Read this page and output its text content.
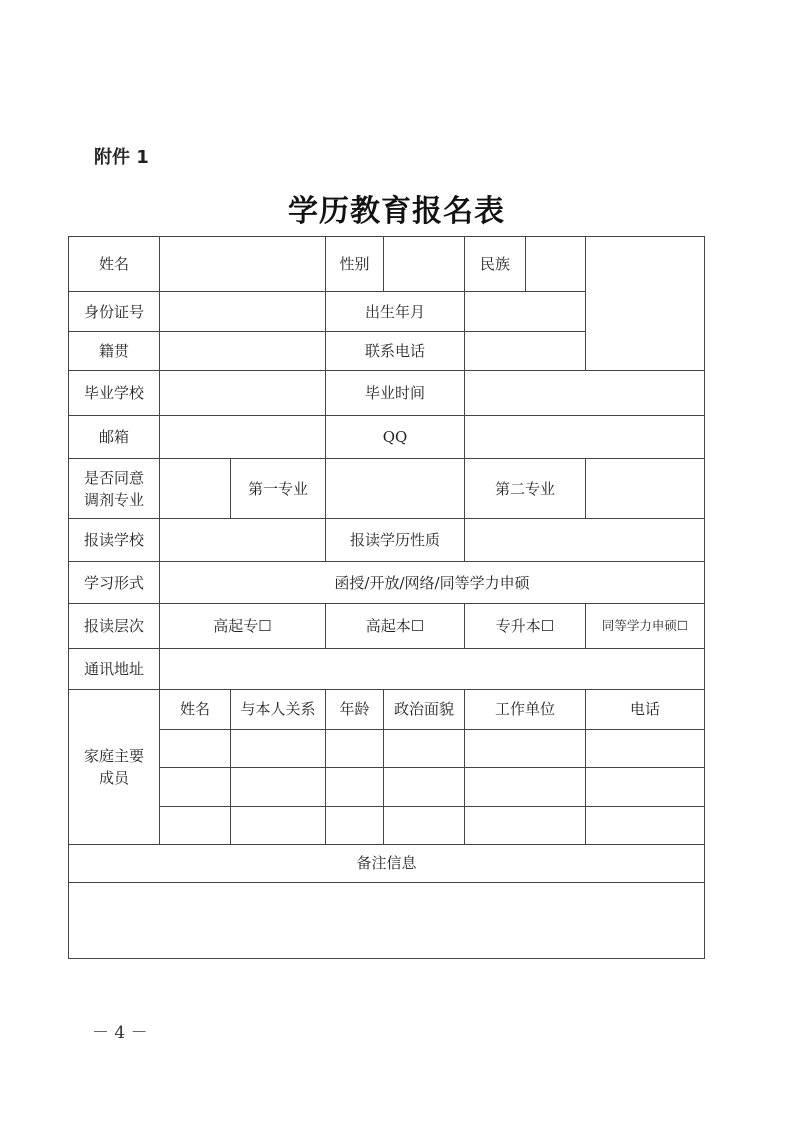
附件 1
学历教育报名表
姓名			性别		民族		
身份证号			出生年月				
籍贯			联系电话				
毕业学校			毕业时间				
邮箱			QQ				

是否同意调剂专业		第一专业			第二专业		
报读学校			报读学历性质				
学习形式	函授/开放/网络/同等学力申硕						
报读层次	高起专☐		高起本☐		专升本☐		同等学力申硕☐
通讯地址							

家庭主要成员	姓名	与本人关系	年龄	政治面貌	工作单位		电话

备注信息							

－ 4 －
